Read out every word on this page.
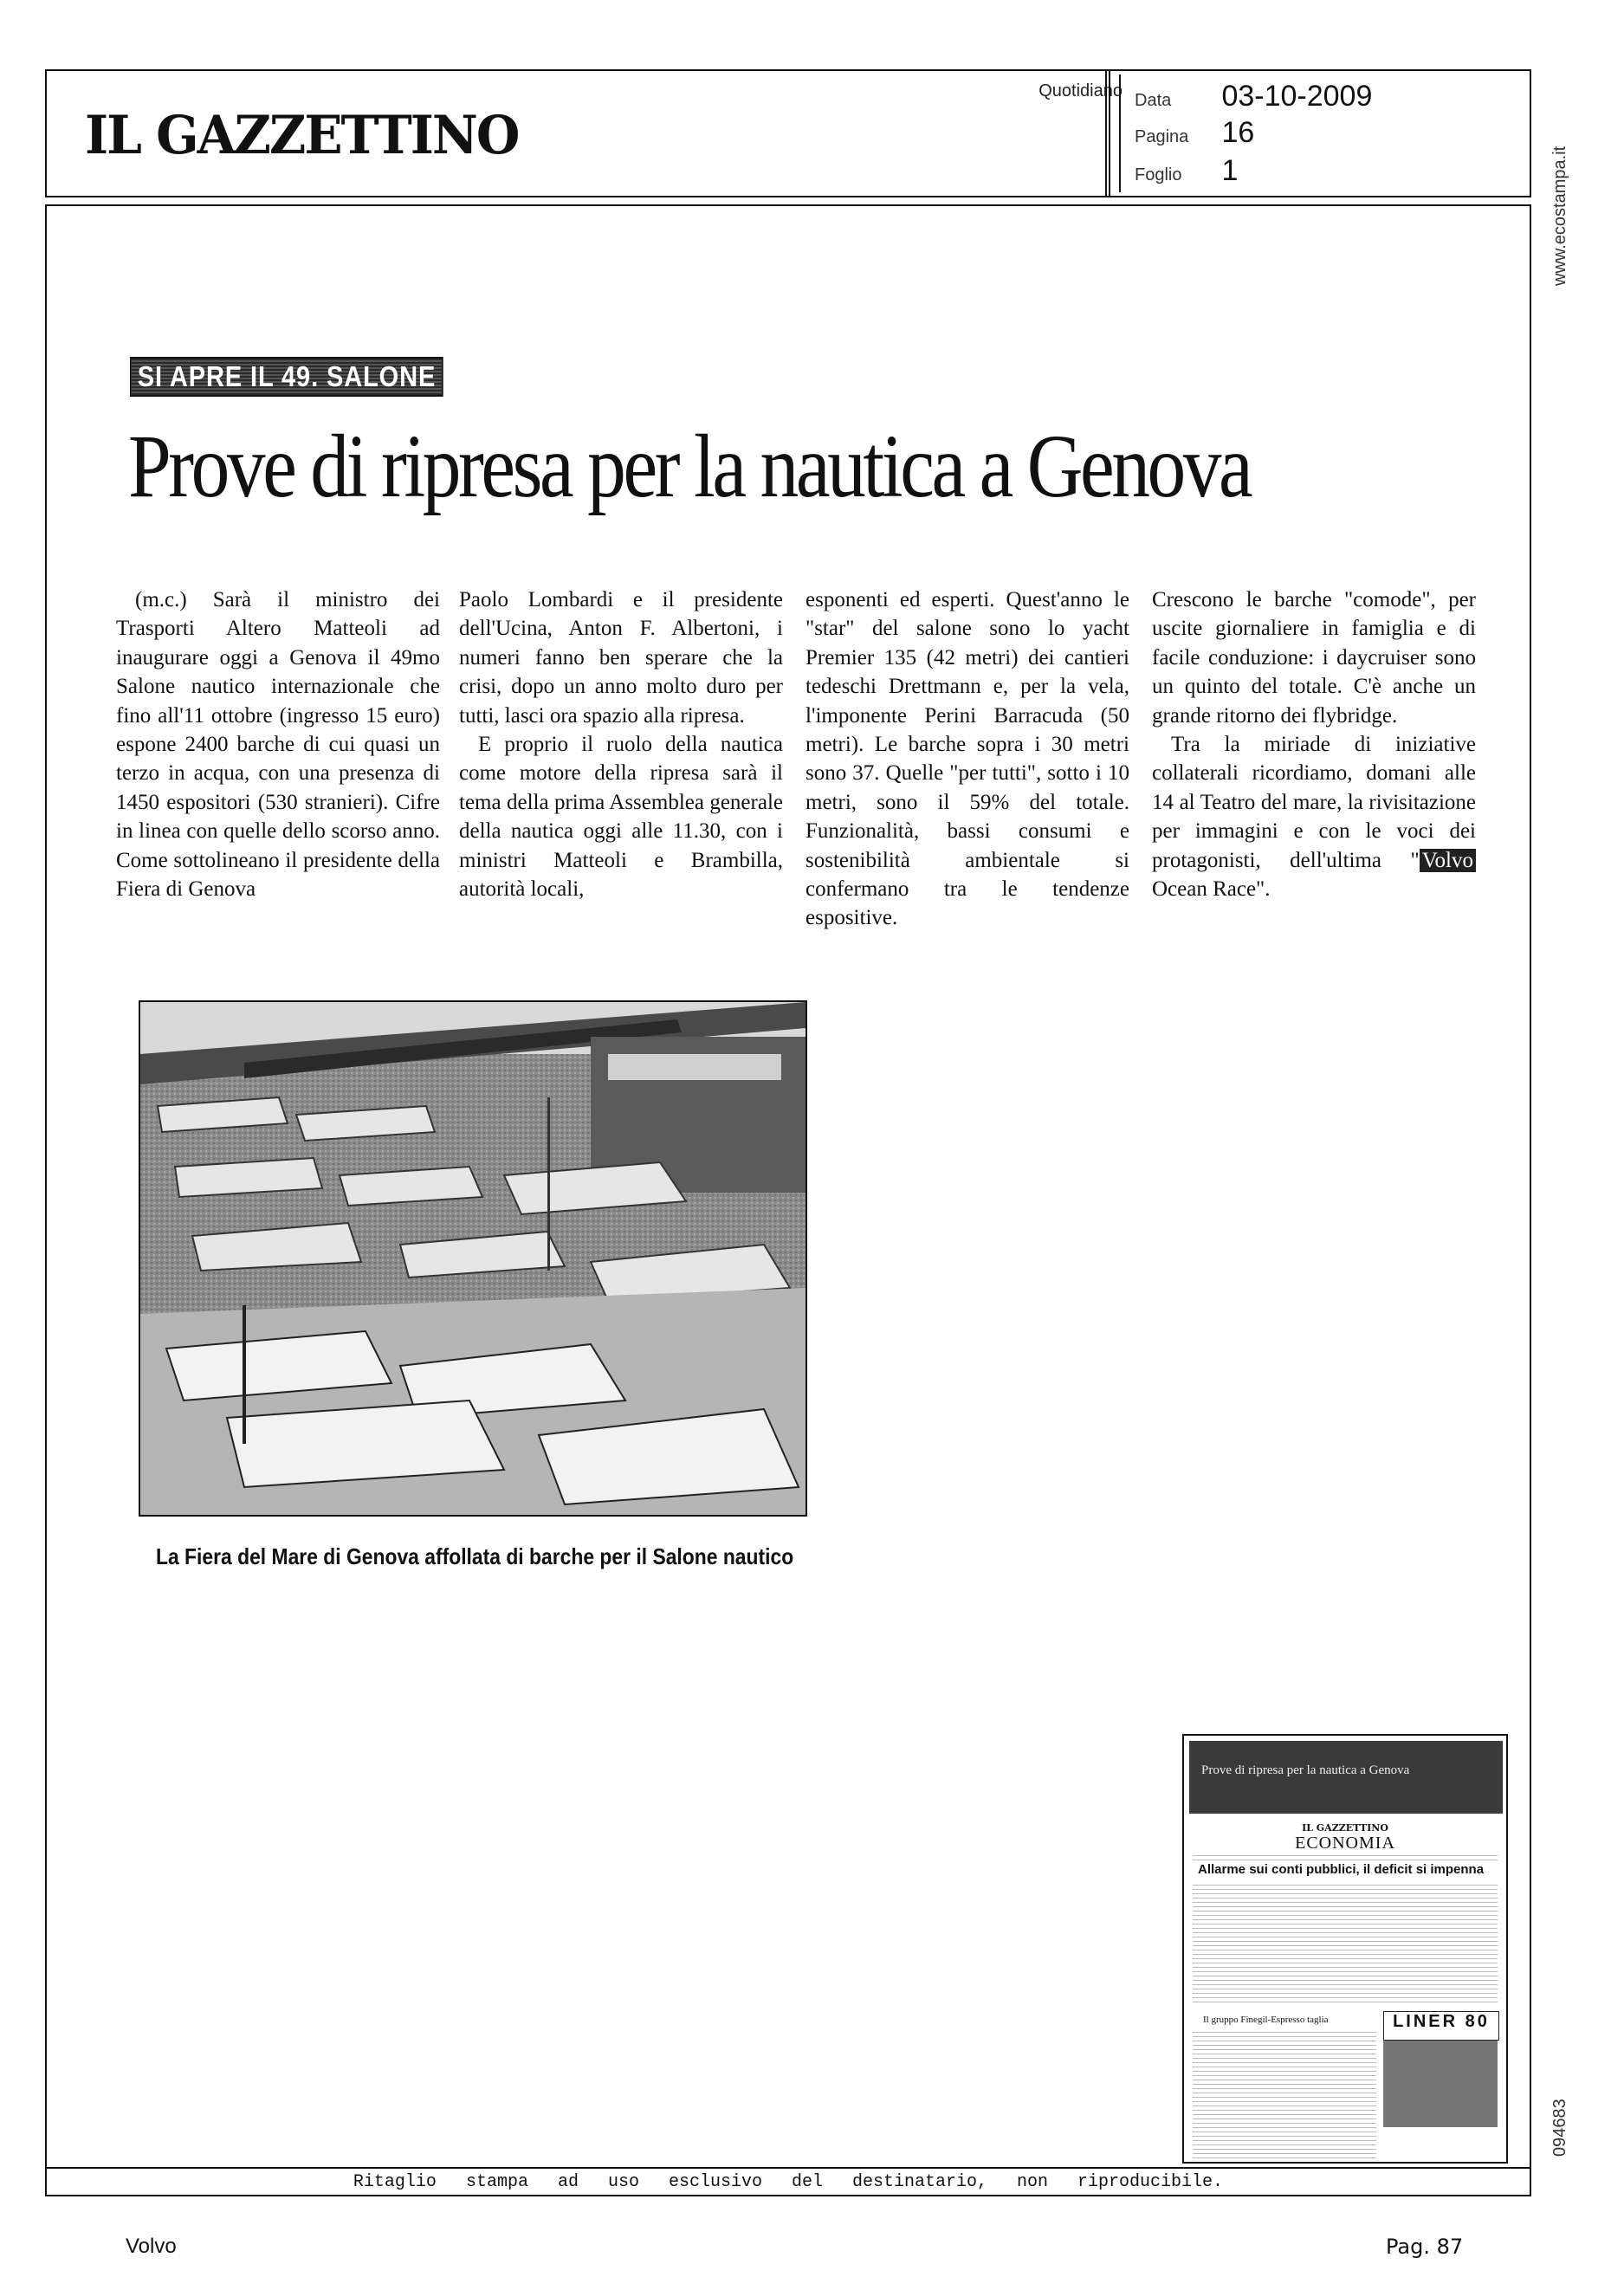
IL GAZZETTINO
Quotidiano Data 03-10-2009
Pagina 16
Foglio 1	www.ecostampa.it
SI APRE IL 49. SALONE
Prove di ripresa per la nautica a Genova

(m.c.) Sarà il ministro dei Trasporti Altero Matteoli ad inaugurare oggi a Genova il 49mo Salone nautico internazionale che fino all'11 ottobre (ingresso 15 euro) espone 2400 barche di cui quasi un terzo in acqua, con una presenza di 1450 espositori (530 stranieri). Cifre in linea con quelle dello scorso anno. Come sottolineano il presidente della Fiera di Genova

Paolo Lombardi e il presidente dell'Ucina, Anton F. Albertoni, i numeri fanno ben sperare che la crisi, dopo un anno molto duro per tutti, lasci ora spazio alla ripresa.

E proprio il ruolo della nautica come motore della ripresa sarà il tema della prima Assemblea generale della nautica oggi alle 11.30, con i ministri Matteoli e Brambilla, autorità locali,

esponenti ed esperti. Quest'anno le "star" del salone sono lo yacht Premier 135 (42 metri) dei cantieri tedeschi Drettmann e, per la vela, l'imponente Perini Barracuda (50 metri). Le barche sopra i 30 metri sono 37. Quelle "per tutti", sotto i 10 metri, sono il 59% del totale. Funzionalità, bassi consumi e sostenibilità ambientale si confermano tra le tendenze espositive.

Crescono le barche "comode", per uscite giornaliere in famiglia e di facile conduzione: i daycruiser sono un quinto del totale. C'è anche un grande ritorno dei flybridge.

Tra la miriade di iniziative collaterali ricordiamo, domani alle 14 al Teatro del mare, la rivisitazione per immagini e con le voci dei protagonisti, dell'ultima " Volvo Ocean Race".

La Fiera del Mare di Genova affollata di barche per il Salone nautico
Prove di ripresa per la nautica a Genova
IL GAZZETTINO
ECONOMIA
Allarme sui conti pubblici, il deficit si impenna
Il gruppo Finegil-Espresso taglia	LINER 80
094683
Ritaglio stampa ad uso esclusivo del destinatario, non riproducibile.
Volvo	Pag. 87
